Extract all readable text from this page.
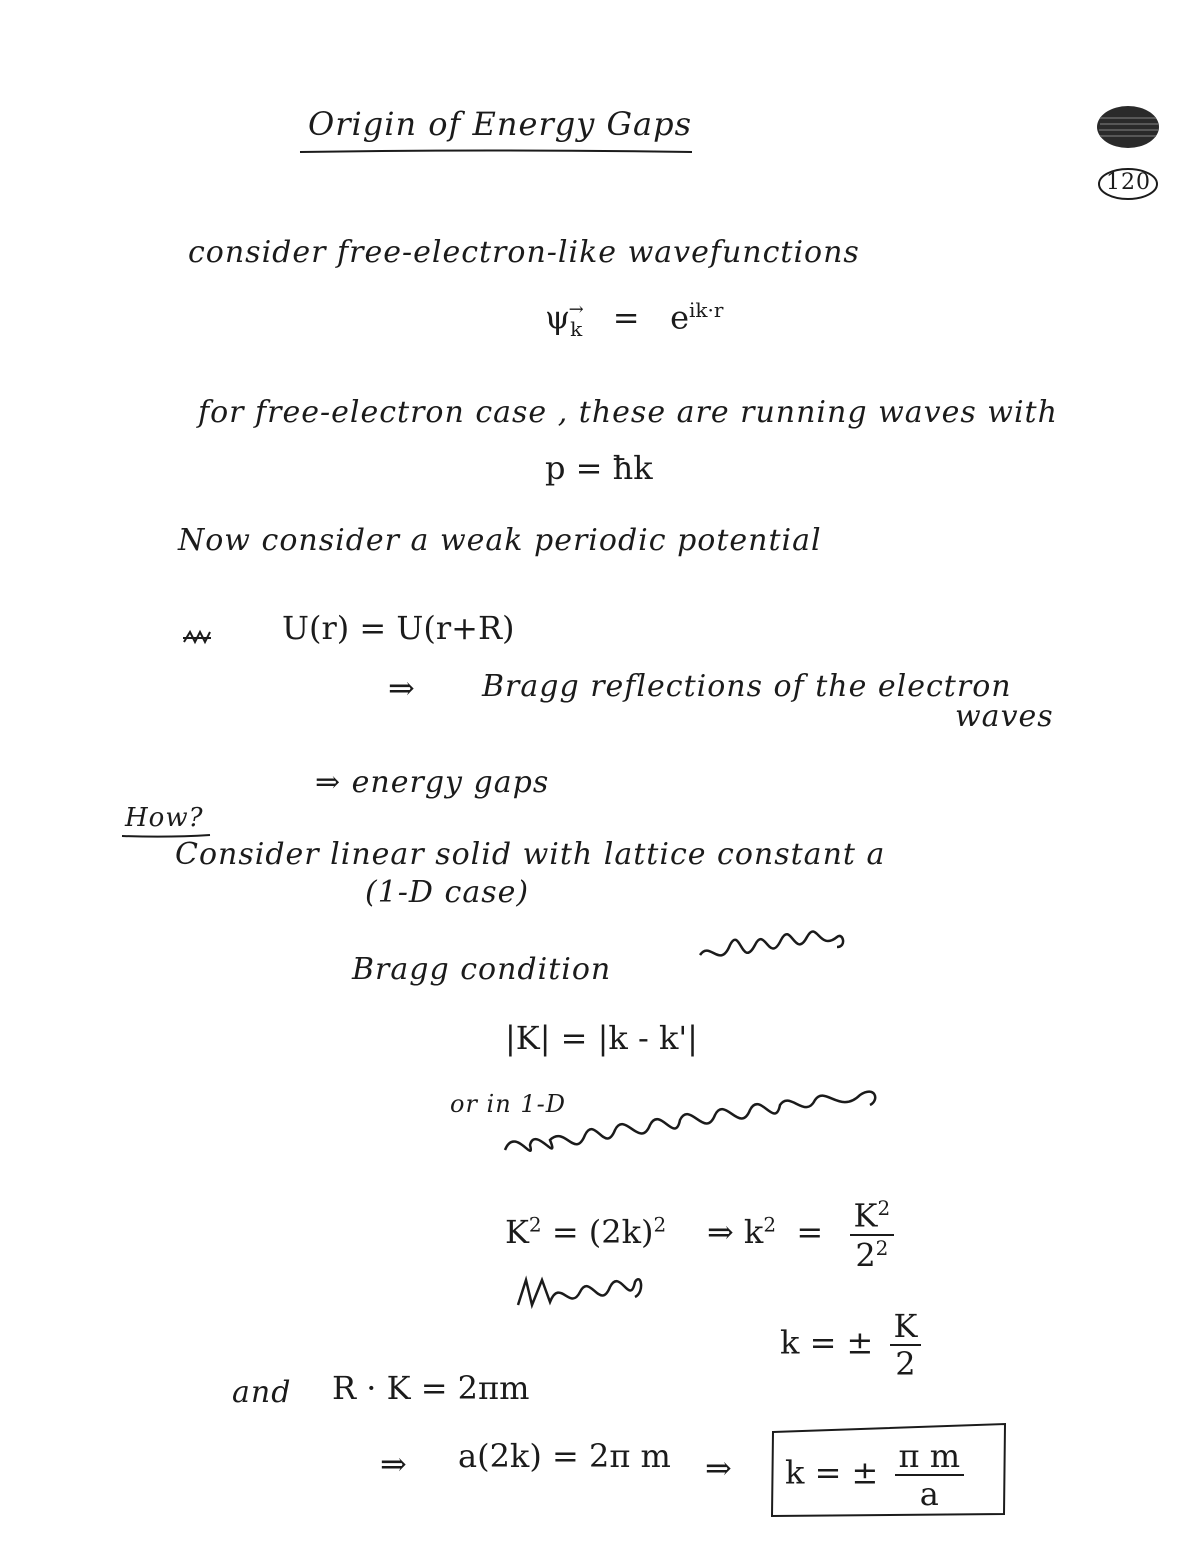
Origin of Energy Gaps
120
consider free-electron-like wavefunctions
$\psi\to _k = e^{ik\cdot r}$
for free-electron case , these are running waves with
p = ħk
Now consider a weak periodic potential
U(r) = U(r+R)
⇒ Bragg reflections of the electron
waves
⇒ energy gaps
How?
Consider linear solid with lattice constant a
(1-D case)
Bragg condition
|K| = |k - k'|
or in 1-D
$K^2 = (2k)^2$ ⇒ $k^2 = \frac{K^2}{2^2}$
k = ± $\frac{K}{2}$
and R · K = 2πm
⇒ a(2k) = 2π m ⇒ k = ± $\frac{\text{π m}}{a}$
